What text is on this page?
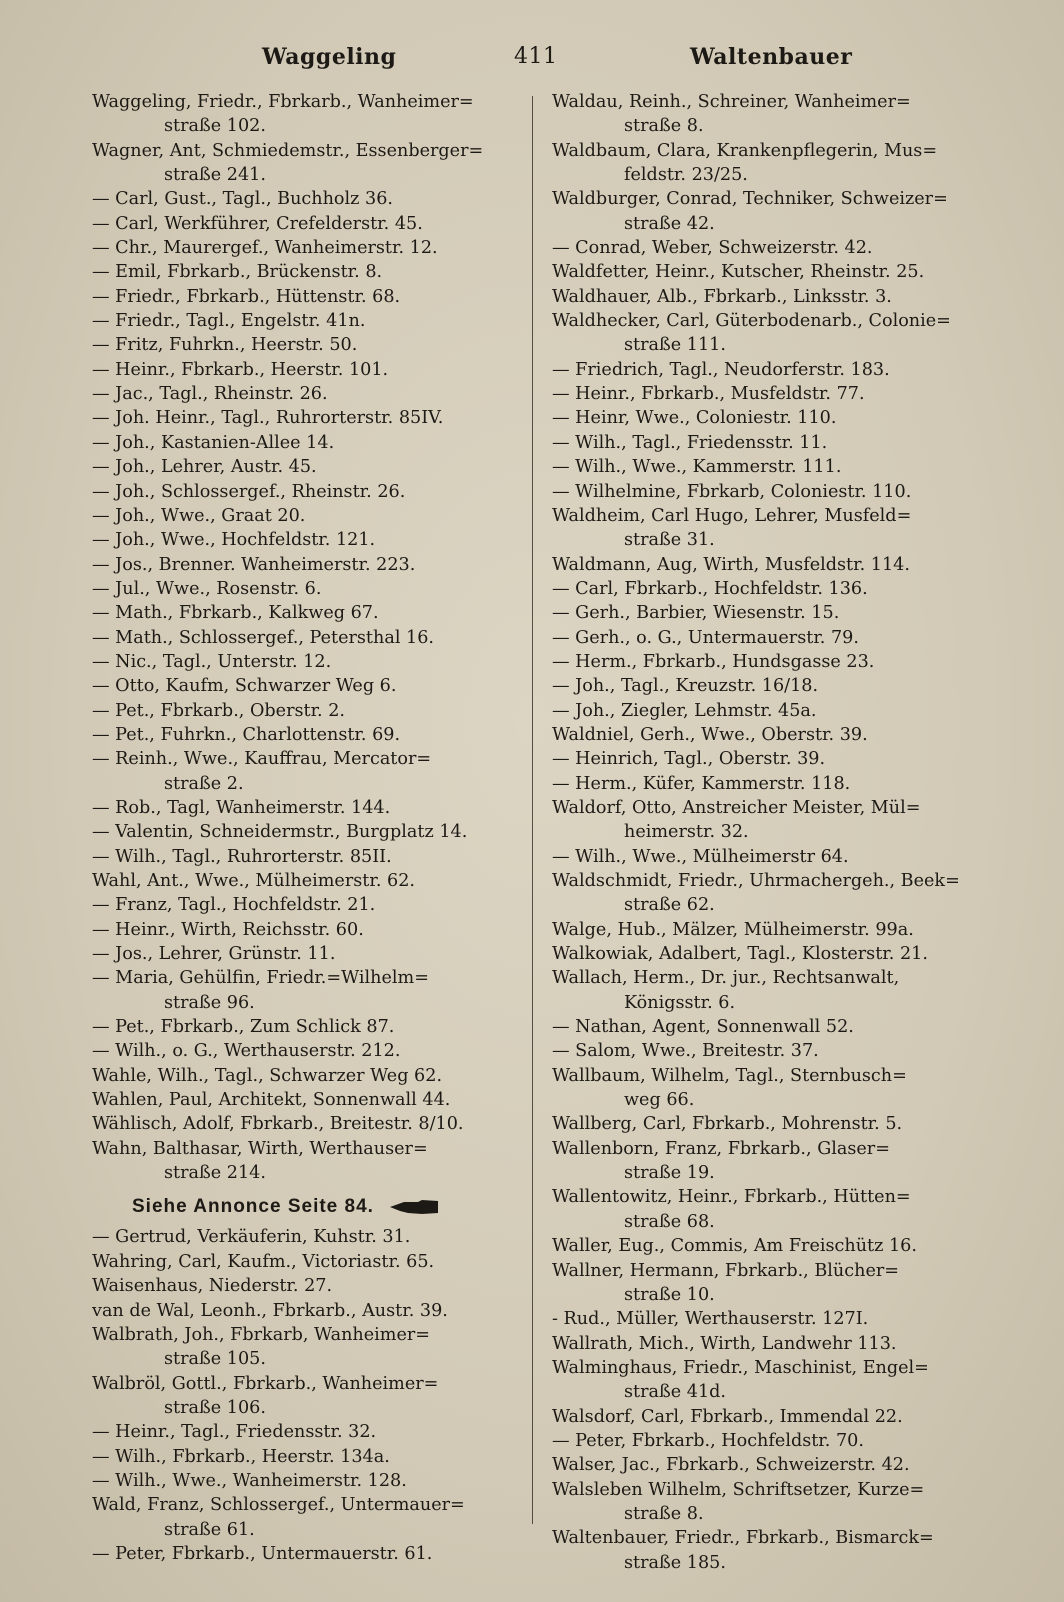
Waggeling	411	Waltenbauer
Waggeling, Friedr., Fbrkarb., Wanheimer=
straße 102.
Wagner, Ant, Schmiedemstr., Essenberger=
straße 241.
— Carl, Gust., Tagl., Buchholz 36.
— Carl, Werkführer, Crefelderstr. 45.
— Chr., Maurergef., Wanheimerstr. 12.
— Emil, Fbrkarb., Brückenstr. 8.
— Friedr., Fbrkarb., Hüttenstr. 68.
— Friedr., Tagl., Engelstr. 41n.
— Fritz, Fuhrkn., Heerstr. 50.
— Heinr., Fbrkarb., Heerstr. 101.
— Jac., Tagl., Rheinstr. 26.
— Joh. Heinr., Tagl., Ruhrorterstr. 85IV.
— Joh., Kastanien-Allee 14.
— Joh., Lehrer, Austr. 45.
— Joh., Schlossergef., Rheinstr. 26.
— Joh., Wwe., Graat 20.
— Joh., Wwe., Hochfeldstr. 121.
— Jos., Brenner. Wanheimerstr. 223.
— Jul., Wwe., Rosenstr. 6.
— Math., Fbrkarb., Kalkweg 67.
— Math., Schlossergef., Petersthal 16.
— Nic., Tagl., Unterstr. 12.
— Otto, Kaufm, Schwarzer Weg 6.
— Pet., Fbrkarb., Oberstr. 2.
— Pet., Fuhrkn., Charlottenstr. 69.
— Reinh., Wwe., Kauffrau, Mercator=
straße 2.
— Rob., Tagl, Wanheimerstr. 144.
— Valentin, Schneidermstr., Burgplatz 14.
— Wilh., Tagl., Ruhrorterstr. 85II.
Wahl, Ant., Wwe., Mülheimerstr. 62.
— Franz, Tagl., Hochfeldstr. 21.
— Heinr., Wirth, Reichsstr. 60.
— Jos., Lehrer, Grünstr. 11.
— Maria, Gehülfin, Friedr.=Wilhelm=
straße 96.
— Pet., Fbrkarb., Zum Schlick 87.
— Wilh., o. G., Werthauserstr. 212.
Wahle, Wilh., Tagl., Schwarzer Weg 62.
Wahlen, Paul, Architekt, Sonnenwall 44.
Wählisch, Adolf, Fbrkarb., Breitestr. 8/10.
Wahn, Balthasar, Wirth, Werthauser=
straße 214.
Siehe Annonce Seite 84.
— Gertrud, Verkäuferin, Kuhstr. 31.
Wahring, Carl, Kaufm., Victoriastr. 65.
Waisenhaus, Niederstr. 27.
van de Wal, Leonh., Fbrkarb., Austr. 39.
Walbrath, Joh., Fbrkarb, Wanheimer=
straße 105.
Walbröl, Gottl., Fbrkarb., Wanheimer=
straße 106.
— Heinr., Tagl., Friedensstr. 32.
— Wilh., Fbrkarb., Heerstr. 134a.
— Wilh., Wwe., Wanheimerstr. 128.
Wald, Franz, Schlossergef., Untermauer=
straße 61.
— Peter, Fbrkarb., Untermauerstr. 61.
Waldau, Reinh., Schreiner, Wanheimer=
straße 8.
Waldbaum, Clara, Krankenpflegerin, Mus=
feldstr. 23/25.
Waldburger, Conrad, Techniker, Schweizer=
straße 42.
— Conrad, Weber, Schweizerstr. 42.
Waldfetter, Heinr., Kutscher, Rheinstr. 25.
Waldhauer, Alb., Fbrkarb., Linksstr. 3.
Waldhecker, Carl, Güterbodenarb., Colonie=
straße 111.
— Friedrich, Tagl., Neudorferstr. 183.
— Heinr., Fbrkarb., Musfeldstr. 77.
— Heinr, Wwe., Coloniestr. 110.
— Wilh., Tagl., Friedensstr. 11.
— Wilh., Wwe., Kammerstr. 111.
— Wilhelmine, Fbrkarb, Coloniestr. 110.
Waldheim, Carl Hugo, Lehrer, Musfeld=
straße 31.
Waldmann, Aug, Wirth, Musfeldstr. 114.
— Carl, Fbrkarb., Hochfeldstr. 136.
— Gerh., Barbier, Wiesenstr. 15.
— Gerh., o. G., Untermauerstr. 79.
— Herm., Fbrkarb., Hundsgasse 23.
— Joh., Tagl., Kreuzstr. 16/18.
— Joh., Ziegler, Lehmstr. 45a.
Waldniel, Gerh., Wwe., Oberstr. 39.
— Heinrich, Tagl., Oberstr. 39.
— Herm., Küfer, Kammerstr. 118.
Waldorf, Otto, Anstreicher Meister, Mül=
heimerstr. 32.
— Wilh., Wwe., Mülheimerstr 64.
Waldschmidt, Friedr., Uhrmachergeh., Beek=
straße 62.
Walge, Hub., Mälzer, Mülheimerstr. 99a.
Walkowiak, Adalbert, Tagl., Klosterstr. 21.
Wallach, Herm., Dr. jur., Rechtsanwalt,
Königsstr. 6.
— Nathan, Agent, Sonnenwall 52.
— Salom, Wwe., Breitestr. 37.
Wallbaum, Wilhelm, Tagl., Sternbusch=
weg 66.
Wallberg, Carl, Fbrkarb., Mohrenstr. 5.
Wallenborn, Franz, Fbrkarb., Glaser=
straße 19.
Wallentowitz, Heinr., Fbrkarb., Hütten=
straße 68.
Waller, Eug., Commis, Am Freischütz 16.
Wallner, Hermann, Fbrkarb., Blücher=
straße 10.
- Rud., Müller, Werthauserstr. 127I.
Wallrath, Mich., Wirth, Landwehr 113.
Walminghaus, Friedr., Maschinist, Engel=
straße 41d.
Walsdorf, Carl, Fbrkarb., Immendal 22.
— Peter, Fbrkarb., Hochfeldstr. 70.
Walser, Jac., Fbrkarb., Schweizerstr. 42.
Walsleben Wilhelm, Schriftsetzer, Kurze=
straße 8.
Waltenbauer, Friedr., Fbrkarb., Bismarck=
straße 185.
